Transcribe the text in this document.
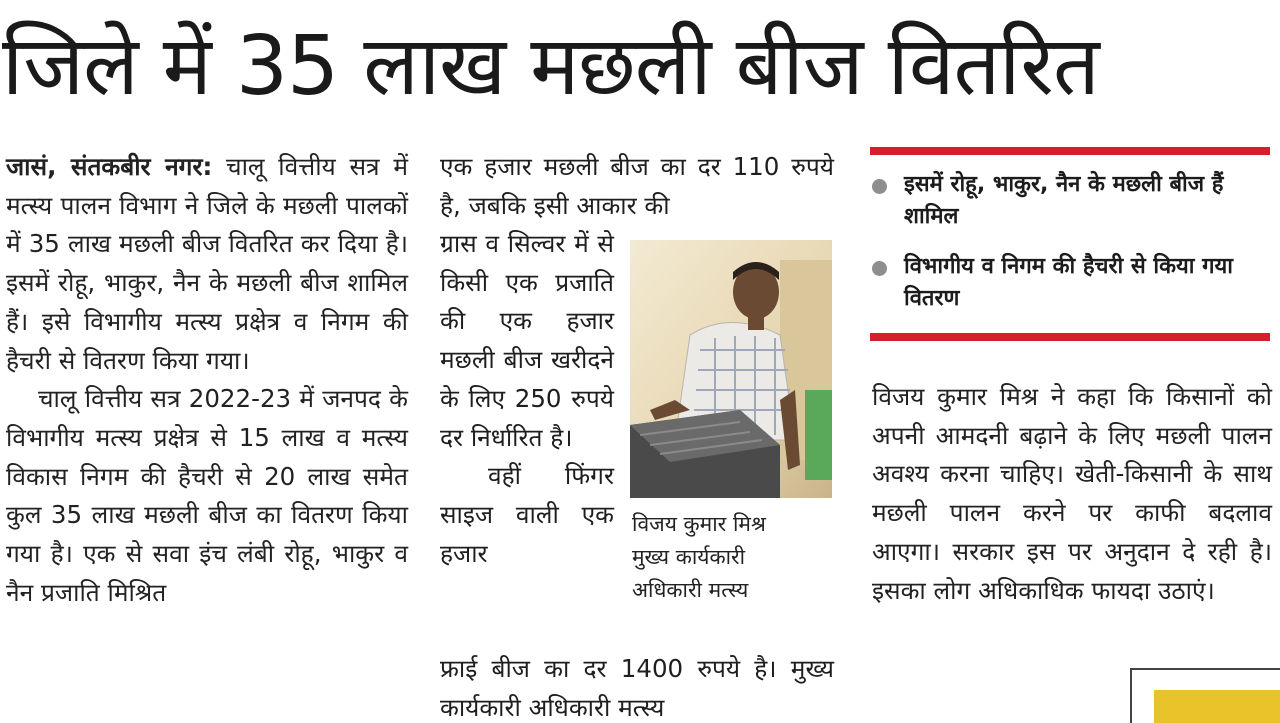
जिले में 35 लाख मछली बीज वितरित

जासं, संतकबीर नगर: चालू वित्तीय सत्र में मत्स्य पालन विभाग ने जिले के मछली पालकों में 35 लाख मछली बीज वितरित कर दिया है। इसमें रोहू, भाकुर, नैन के मछली बीज शामिल हैं। इसे विभागीय मत्स्य प्रक्षेत्र व निगम की हैचरी से वितरण किया गया।

चालू वित्तीय सत्र 2022-23 में जनपद के विभागीय मत्स्य प्रक्षेत्र से 15 लाख व मत्स्य विकास निगम की हैचरी से 20 लाख समेत कुल 35 लाख मछली बीज का वितरण किया गया है। एक से सवा इंच लंबी रोहू, भाकुर व नैन प्रजाति मिश्रित

एक हजार मछली बीज का दर 110 रुपये है, जबकि इसी आकार की

ग्रास व सिल्वर में से किसी एक प्रजाति की एक हजार मछली बीज खरीदने के लिए 250 रुपये दर निर्धारित है।

वहीं फिंगर साइज वाली एक हजार

फ्राई बीज का दर 1400 रुपये है। मुख्य कार्यकारी अधिकारी मत्स्य
विजय कुमार मिश्र
मुख्य कार्यकारी
अधिकारी मत्स्य
इसमें रोहू, भाकुर, नैन के मछली बीज हैं शामिल
विभागीय व निगम की हैचरी से किया गया वितरण

विजय कुमार मिश्र ने कहा कि किसानों को अपनी आमदनी बढ़ाने के लिए मछली पालन अवश्य करना चाहिए। खेती-किसानी के साथ मछली पालन करने पर काफी बदलाव आएगा। सरकार इस पर अनुदान दे रही है। इसका लोग अधिकाधिक फायदा उठाएं।
